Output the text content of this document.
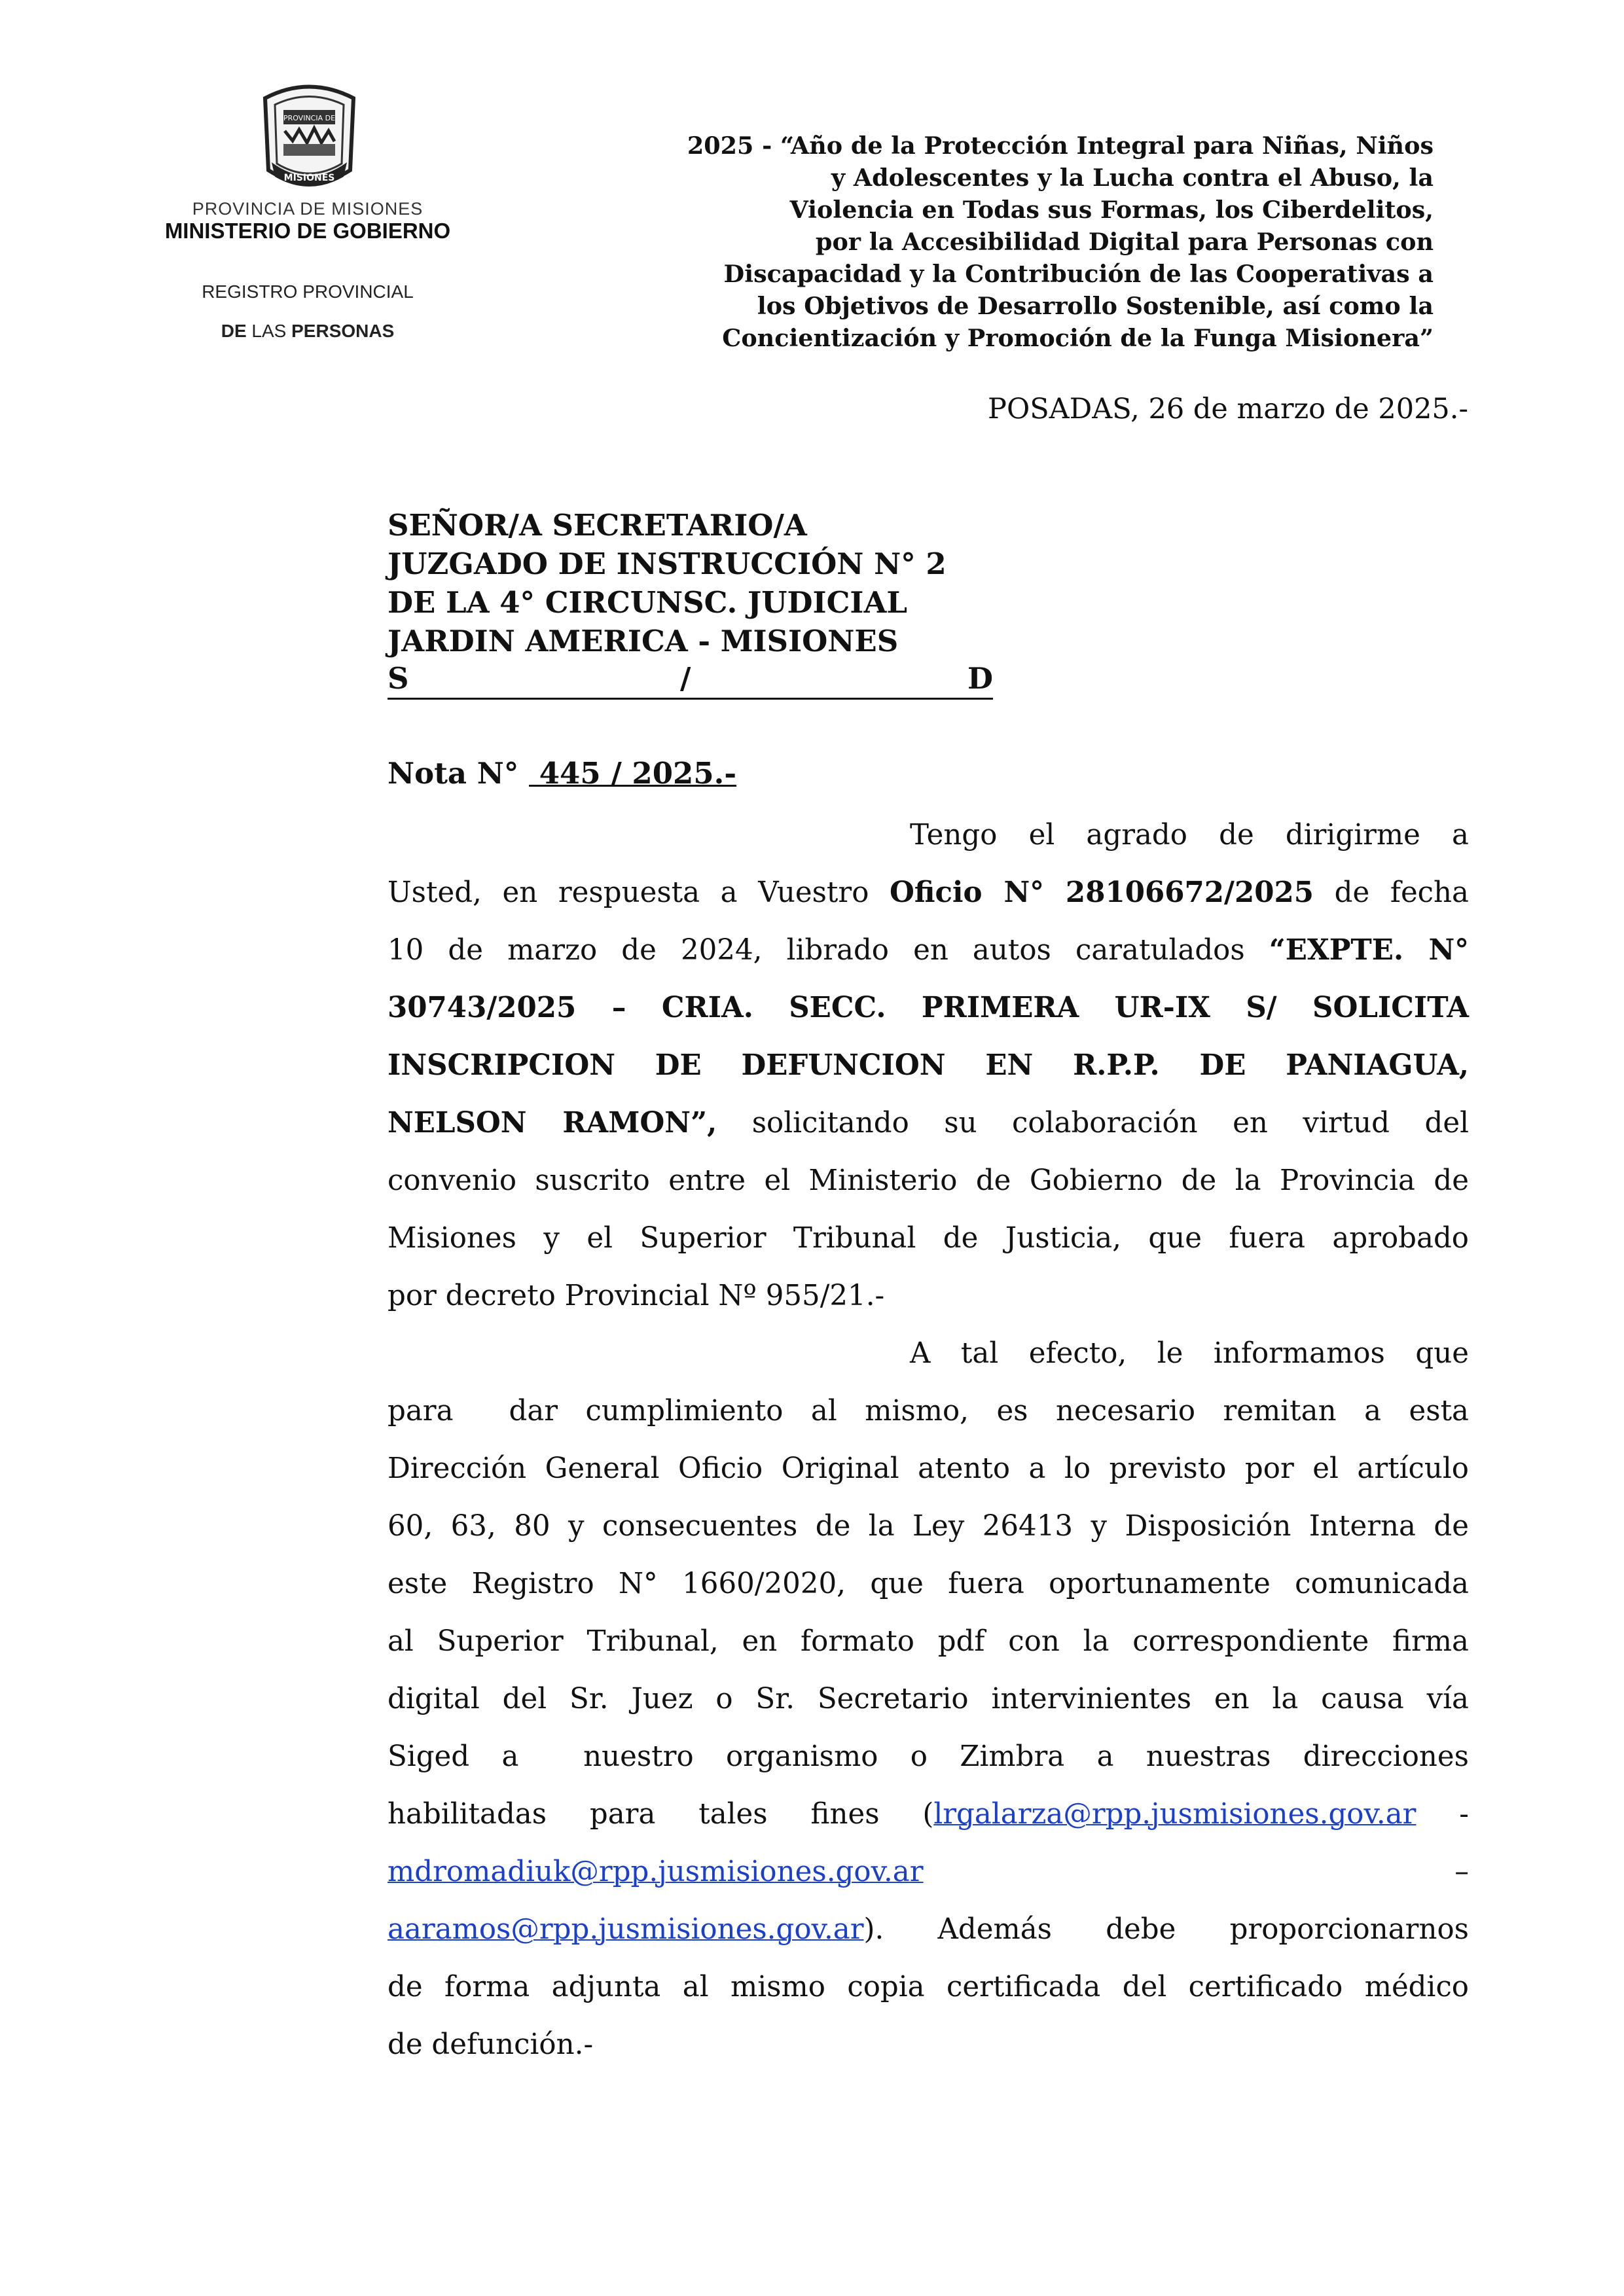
PROVINCIA DE
MISIONES
PROVINCIA DE MISIONES
MINISTERIO DE GOBIERNO
REGISTRO PROVINCIAL
DE LAS PERSONAS
2025 - “Año de la Protección Integral para Niñas, Niños
y Adolescentes y la Lucha contra el Abuso, la
Violencia en Todas sus Formas, los Ciberdelitos,
por la Accesibilidad Digital para Personas con
Discapacidad y la Contribución de las Cooperativas a
los Objetivos de Desarrollo Sostenible, así como la
Concientización y Promoción de la Funga Misionera”
POSADAS, 26 de marzo de 2025.-
SEÑOR/A SECRETARIO/A
JUZGADO DE INSTRUCCIÓN N° 2
DE LA 4° CIRCUNSC. JUDICIAL
JARDIN AMERICA - MISIONES
S	/	D
Nota N°  445 / 2025.-
Tengo el agrado de dirigirme a
Usted, en respuesta a Vuestro Oficio N° 28106672/2025 de fecha
10 de marzo de 2024, librado en autos caratulados “EXPTE. N°
30743/2025 – CRIA. SECC. PRIMERA UR-IX S/ SOLICITA
INSCRIPCION DE DEFUNCION EN R.P.P. DE PANIAGUA,
NELSON RAMON”, solicitando su colaboración en virtud del
convenio suscrito entre el Ministerio de Gobierno de la Provincia de
Misiones y el Superior Tribunal de Justicia, que fuera aprobado
por decreto Provincial Nº 955/21.-
A tal efecto, le informamos que
para  dar cumplimiento al mismo, es necesario remitan a esta
Dirección General Oficio Original atento a lo previsto por el artículo
60, 63, 80 y consecuentes de la Ley 26413 y Disposición Interna de
este Registro N° 1660/2020, que fuera oportunamente comunicada
al Superior Tribunal, en formato pdf con la correspondiente firma
digital del Sr. Juez o Sr. Secretario intervinientes en la causa vía
Siged a  nuestro organismo o Zimbra a nuestras direcciones
habilitadas para tales fines (lrgalarza@rpp.jusmisiones.gov.ar -
mdromadiuk@rpp.jusmisiones.gov.ar	–
aaramos@rpp.jusmisiones.gov.ar). Además debe proporcionarnos
de forma adjunta al mismo copia certificada del certificado médico
de defunción.-
